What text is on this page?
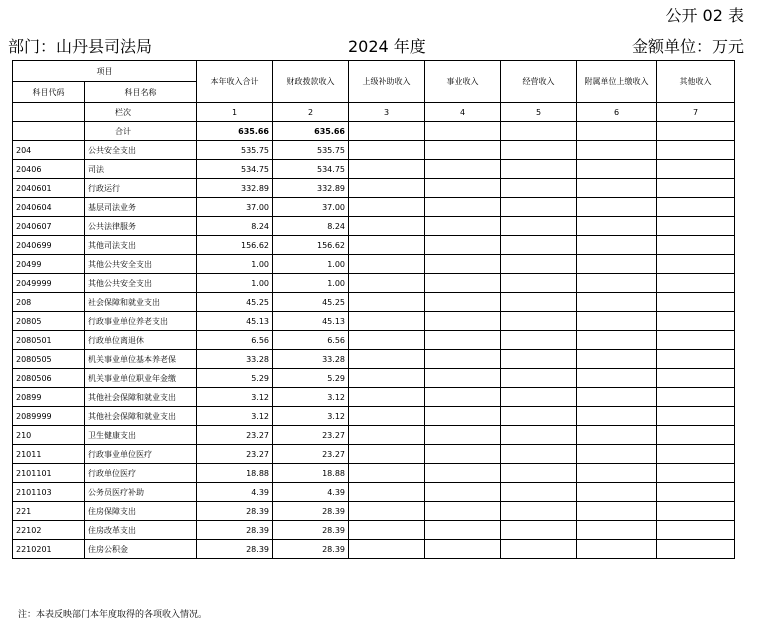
公开 02 表
部门：山丹县司法局	2024 年度	金额单位：万元
项目		本年收入合计	财政拨款收入	上级补助收入	事业收入	经营收入	附属单位上缴收入	其他收入
科目代码	科目名称							

	栏次	1	2	3	4	5	6	7
	合计	635.66	635.66					
204	公共安全支出	535.75	535.75					
20406	司法	534.75	534.75					
2040601	行政运行	332.89	332.89					
2040604	基层司法业务	37.00	37.00					
2040607	公共法律服务	8.24	8.24					
2040699	其他司法支出	156.62	156.62					
20499	其他公共安全支出	1.00	1.00					
2049999	其他公共安全支出	1.00	1.00					
208	社会保障和就业支出	45.25	45.25					
20805	行政事业单位养老支出	45.13	45.13					
2080501	行政单位离退休	6.56	6.56					
2080505	机关事业单位基本养老保	33.28	33.28					
2080506	机关事业单位职业年金缴	5.29	5.29					
20899	其他社会保障和就业支出	3.12	3.12					
2089999	其他社会保障和就业支出	3.12	3.12					
210	卫生健康支出	23.27	23.27					
21011	行政事业单位医疗	23.27	23.27					
2101101	行政单位医疗	18.88	18.88					
2101103	公务员医疗补助	4.39	4.39					
221	住房保障支出	28.39	28.39					
22102	住房改革支出	28.39	28.39					
2210201	住房公积金	28.39	28.39					
注：本表反映部门本年度取得的各项收入情况。
